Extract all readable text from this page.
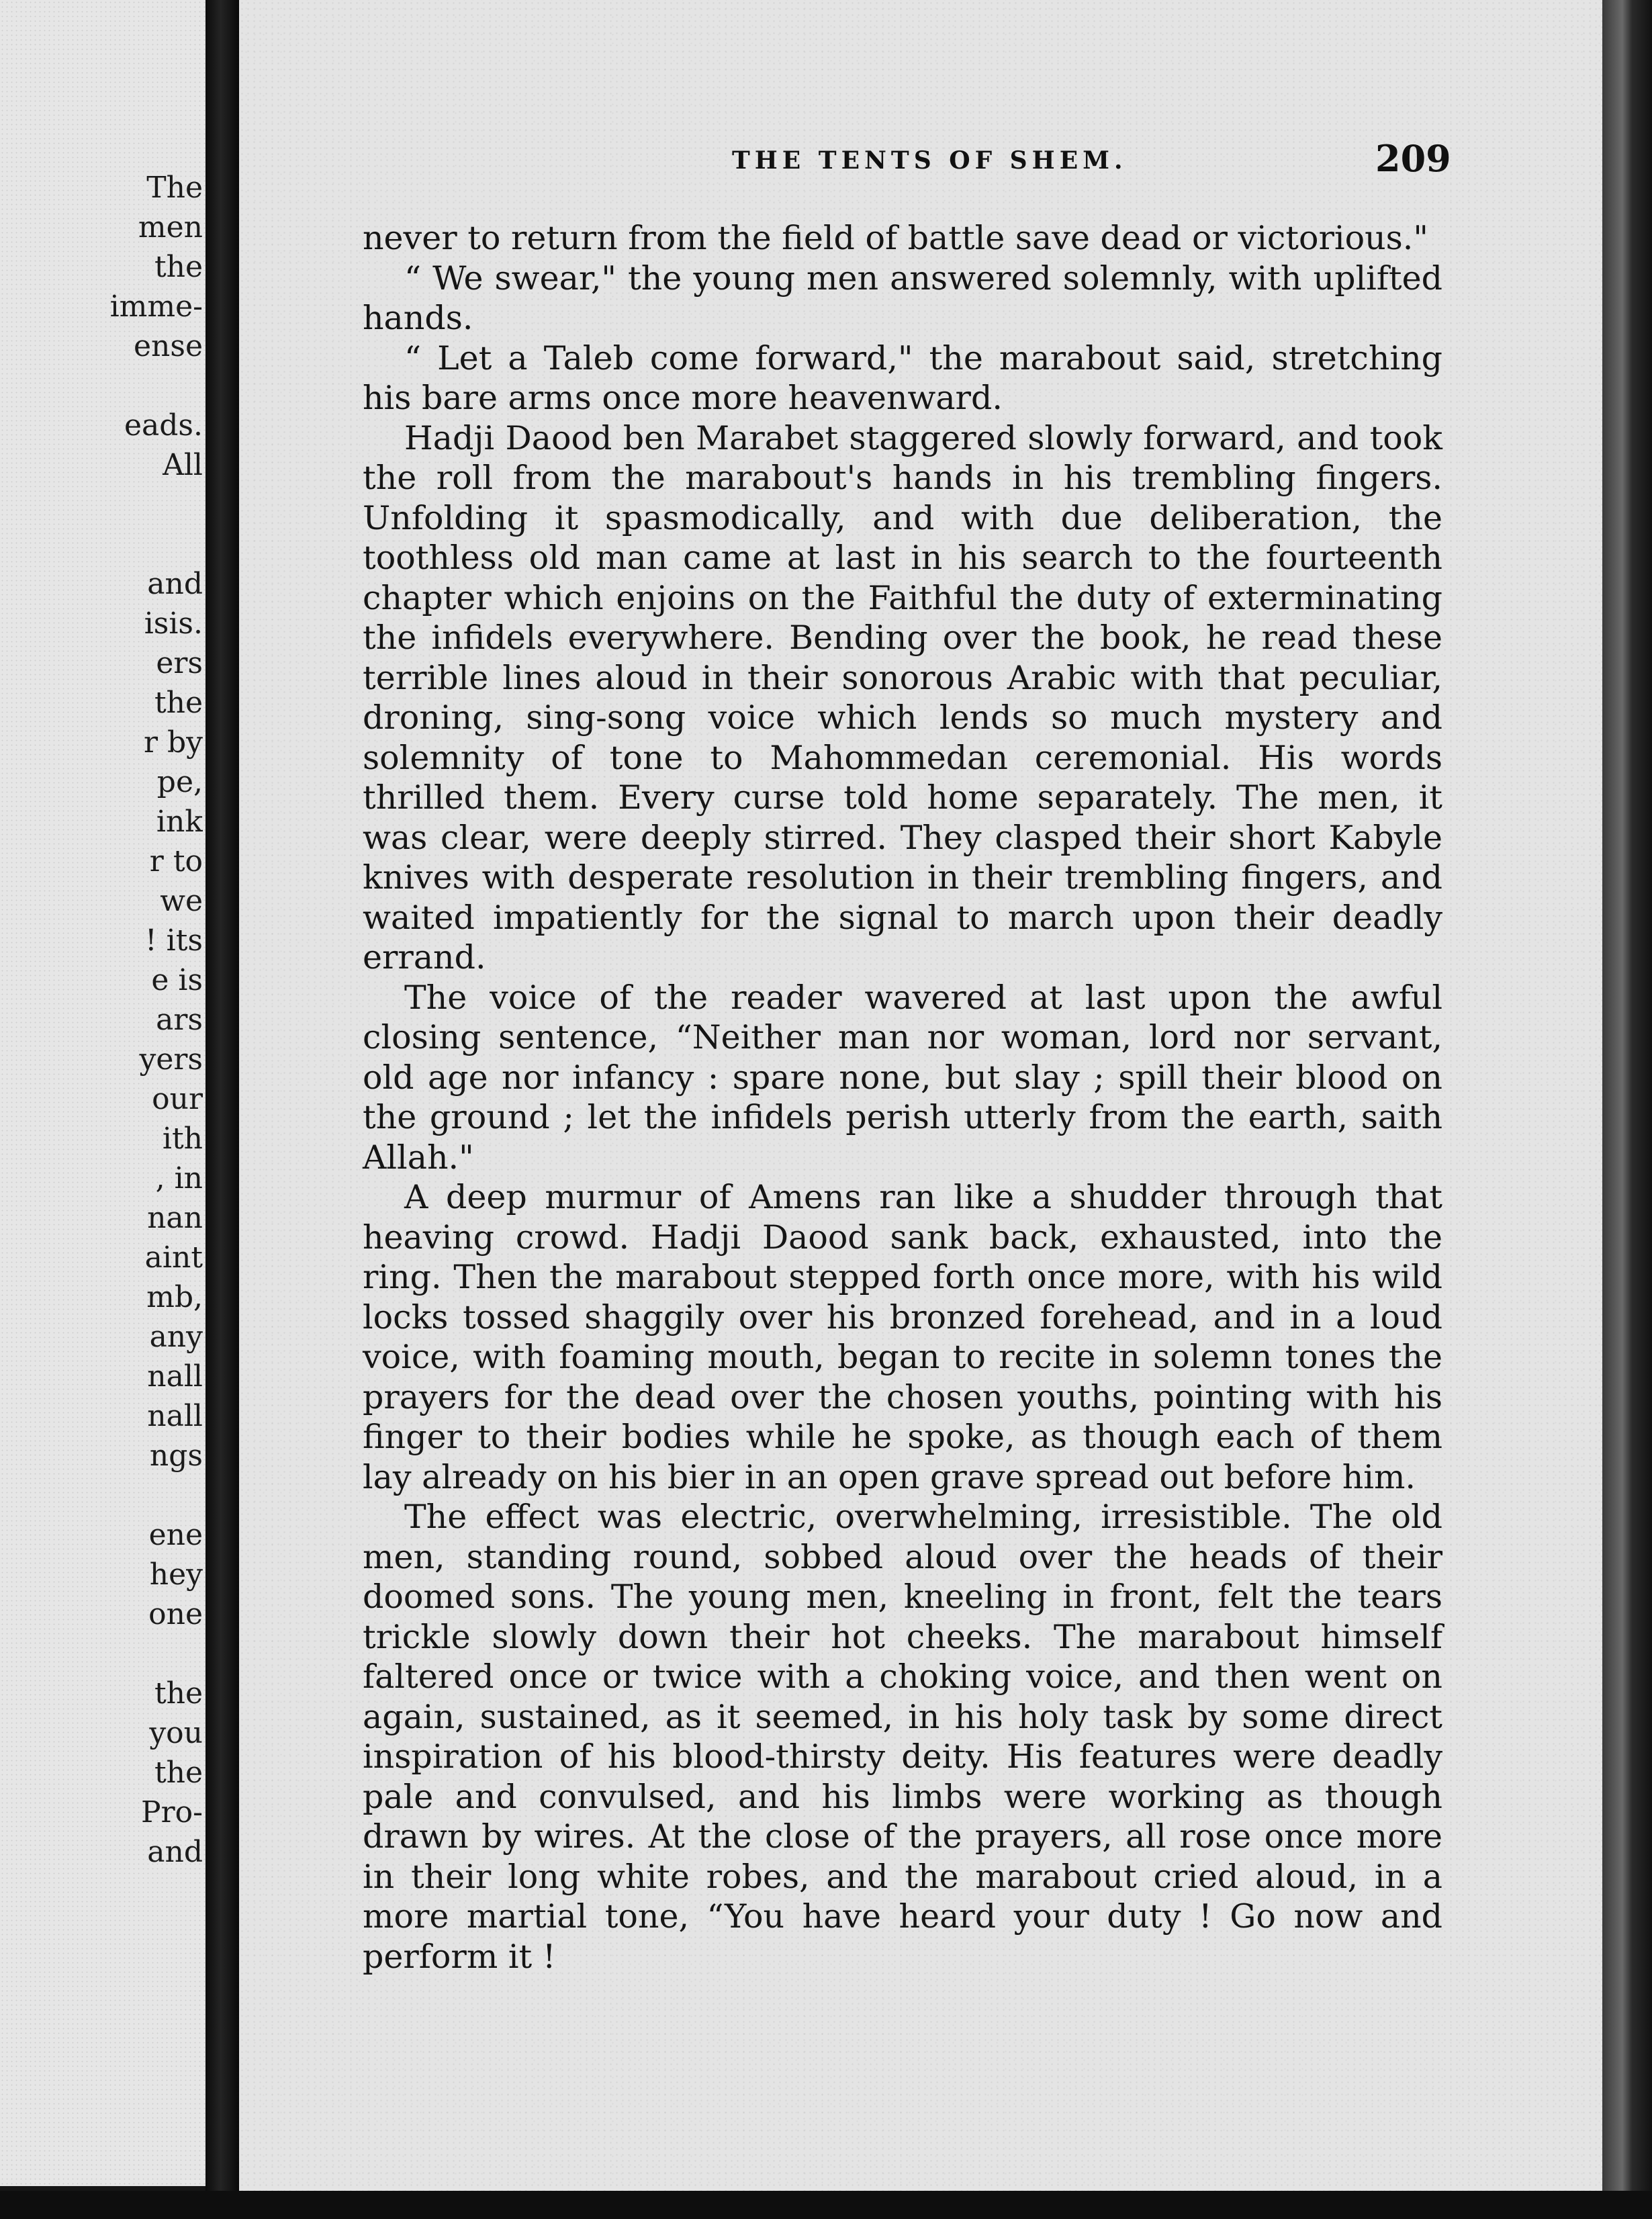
The
men
the
imme-
ense

eads.
All

and
isis.
ers
the
r by
pe,
ink
r to
we
! its
e is
ars
yers
our
ith
, in
nan
aint
mb,
any
nall
nall
ngs

ene
hey
one

the
you
the
Pro-
and
THE TENTS OF SHEM.	209

never to return from the field of battle save dead or victorious."

“ We swear," the young men answered solemnly, with uplifted hands.

“ Let a Taleb come forward," the marabout said, stretching his bare arms once more heavenward.

Hadji Daood ben Marabet staggered slowly forward, and took the roll from the marabout's hands in his trembling fingers. Unfolding it spasmodically, and with due deliberation, the toothless old man came at last in his search to the fourteenth chapter which enjoins on the Faithful the duty of exterminating the infidels everywhere. Bending over the book, he read these terrible lines aloud in their sonorous Arabic with that peculiar, droning, sing-song voice which lends so much mystery and solemnity of tone to Mahommedan ceremonial. His words thrilled them. Every curse told home separately. The men, it was clear, were deeply stirred. They clasped their short Kabyle knives with desperate resolution in their trembling fingers, and waited impatiently for the signal to march upon their deadly errand.

The voice of the reader wavered at last upon the awful closing sentence, “Neither man nor woman, lord nor servant, old age nor infancy : spare none, but slay ; spill their blood on the ground ; let the infidels perish utterly from the earth, saith Allah."

A deep murmur of Amens ran like a shudder through that heaving crowd. Hadji Daood sank back, exhausted, into the ring. Then the marabout stepped forth once more, with his wild locks tossed shaggily over his bronzed forehead, and in a loud voice, with foaming mouth, began to recite in solemn tones the prayers for the dead over the chosen youths, pointing with his finger to their bodies while he spoke, as though each of them lay already on his bier in an open grave spread out before him.

The effect was electric, overwhelming, irresistible. The old men, standing round, sobbed aloud over the heads of their doomed sons. The young men, kneeling in front, felt the tears trickle slowly down their hot cheeks. The marabout himself faltered once or twice with a choking voice, and then went on again, sustained, as it seemed, in his holy task by some direct inspiration of his blood-thirsty deity. His features were deadly pale and convulsed, and his limbs were working as though drawn by wires. At the close of the prayers, all rose once more in their long white robes, and the marabout cried aloud, in a more martial tone, “You have heard your duty ! Go now and perform it !
